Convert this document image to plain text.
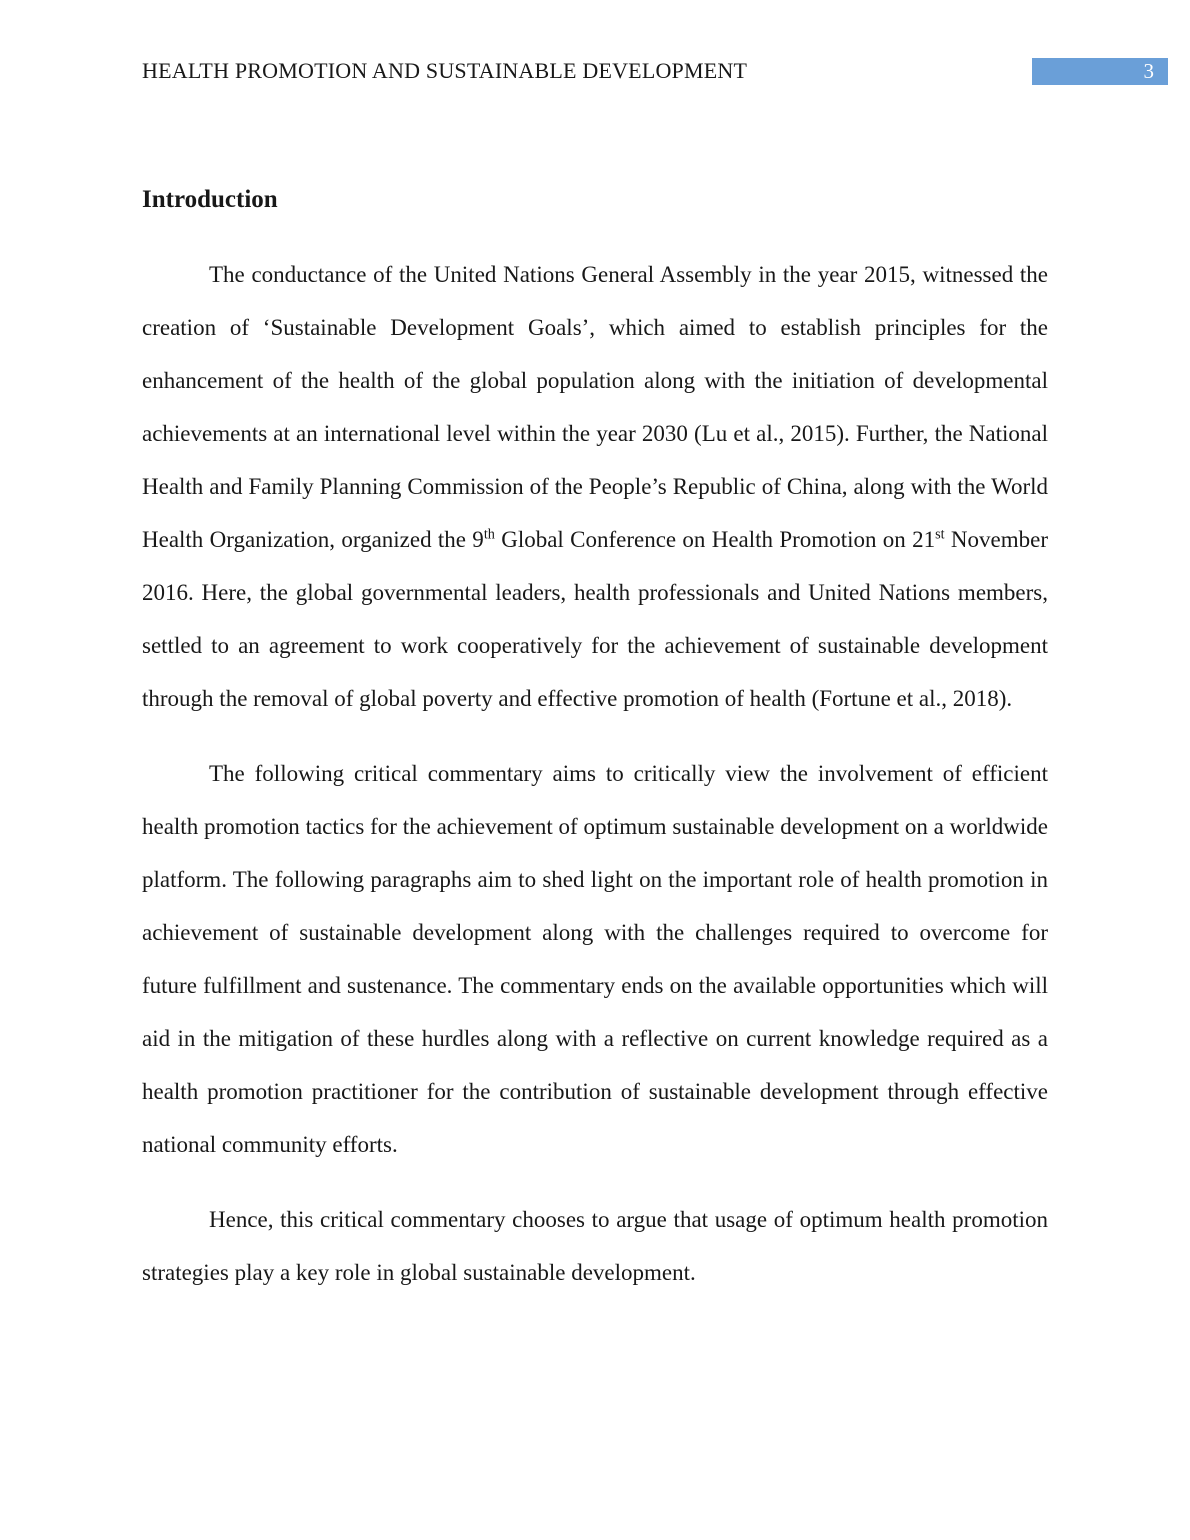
HEALTH PROMOTION AND SUSTAINABLE DEVELOPMENT	3
Introduction

The conductance of the United Nations General Assembly in the year 2015, witnessed the creation of ‘Sustainable Development Goals’, which aimed to establish principles for the enhancement of the health of the global population along with the initiation of developmental achievements at an international level within the year 2030 (Lu et al., 2015). Further, the National Health and Family Planning Commission of the People’s Republic of China, along with the World Health Organization, organized the 9th Global Conference on Health Promotion on 21st November 2016. Here, the global governmental leaders, health professionals and United Nations members, settled to an agreement to work cooperatively for the achievement of sustainable development through the removal of global poverty and effective promotion of health (Fortune et al., 2018).

The following critical commentary aims to critically view the involvement of efficient health promotion tactics for the achievement of optimum sustainable development on a worldwide platform. The following paragraphs aim to shed light on the important role of health promotion in achievement of sustainable development along with the challenges required to overcome for future fulfillment and sustenance. The commentary ends on the available opportunities which will aid in the mitigation of these hurdles along with a reflective on current knowledge required as a health promotion practitioner for the contribution of sustainable development through effective national community efforts.

Hence, this critical commentary chooses to argue that usage of optimum health promotion strategies play a key role in global sustainable development.
